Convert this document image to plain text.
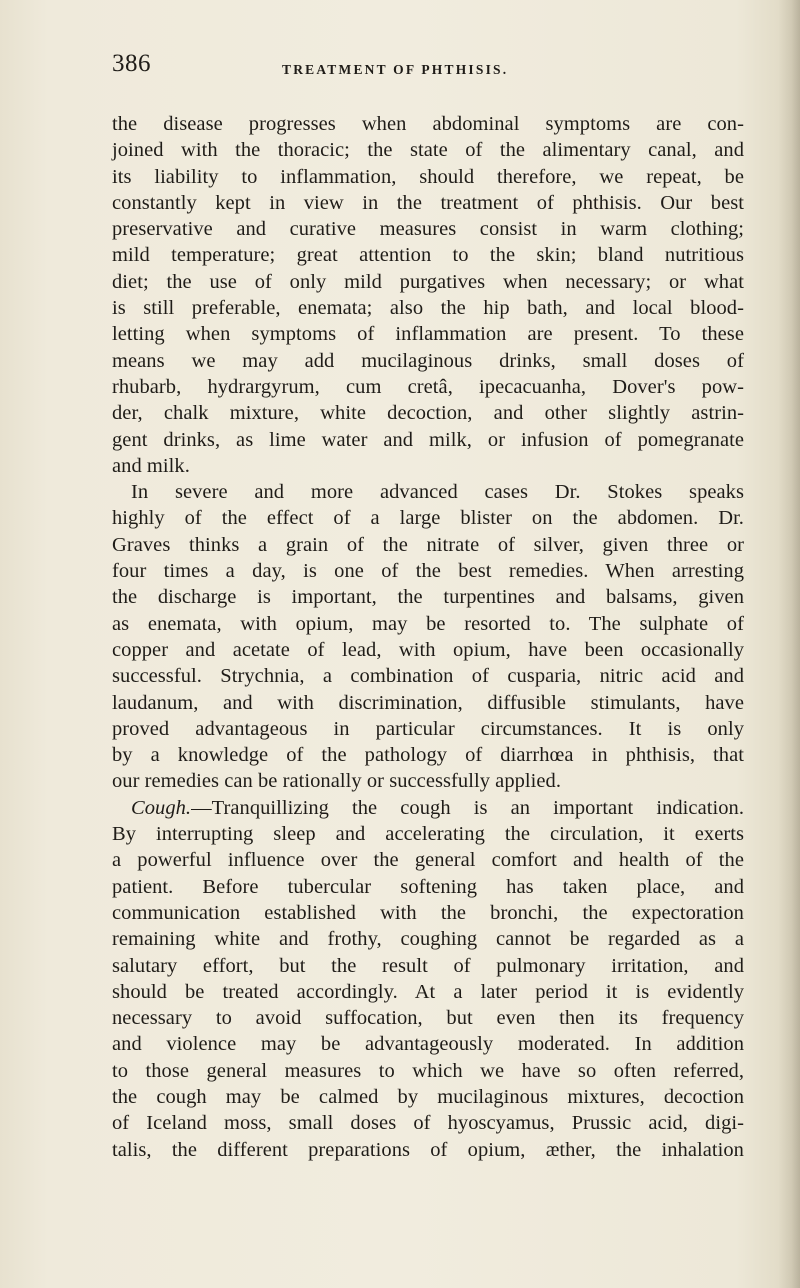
386	TREATMENT OF PHTHISIS.
the disease progresses when abdominal symptoms are con-
joined with the thoracic; the state of the alimentary canal, and
its liability to inflammation, should therefore, we repeat, be
constantly kept in view in the treatment of phthisis. Our best
preservative and curative measures consist in warm clothing;
mild temperature; great attention to the skin; bland nutritious
diet; the use of only mild purgatives when necessary; or what
is still preferable, enemata; also the hip bath, and local blood-
letting when symptoms of inflammation are present. To these
means we may add mucilaginous drinks, small doses of
rhubarb, hydrargyrum, cum cretâ, ipecacuanha, Dover's pow-
der, chalk mixture, white decoction, and other slightly astrin-
gent drinks, as lime water and milk, or infusion of pomegranate
and milk.
In severe and more advanced cases Dr. Stokes speaks
highly of the effect of a large blister on the abdomen. Dr.
Graves thinks a grain of the nitrate of silver, given three or
four times a day, is one of the best remedies. When arresting
the discharge is important, the turpentines and balsams, given
as enemata, with opium, may be resorted to. The sulphate of
copper and acetate of lead, with opium, have been occasionally
successful. Strychnia, a combination of cusparia, nitric acid and
laudanum, and with discrimination, diffusible stimulants, have
proved advantageous in particular circumstances. It is only
by a knowledge of the pathology of diarrhœa in phthisis, that
our remedies can be rationally or successfully applied.
Cough.—Tranquillizing the cough is an important indication.
By interrupting sleep and accelerating the circulation, it exerts
a powerful influence over the general comfort and health of the
patient. Before tubercular softening has taken place, and
communication established with the bronchi, the expectoration
remaining white and frothy, coughing cannot be regarded as a
salutary effort, but the result of pulmonary irritation, and
should be treated accordingly. At a later period it is evidently
necessary to avoid suffocation, but even then its frequency
and violence may be advantageously moderated. In addition
to those general measures to which we have so often referred,
the cough may be calmed by mucilaginous mixtures, decoction
of Iceland moss, small doses of hyoscyamus, Prussic acid, digi-
talis, the different preparations of opium, æther, the inhalation
